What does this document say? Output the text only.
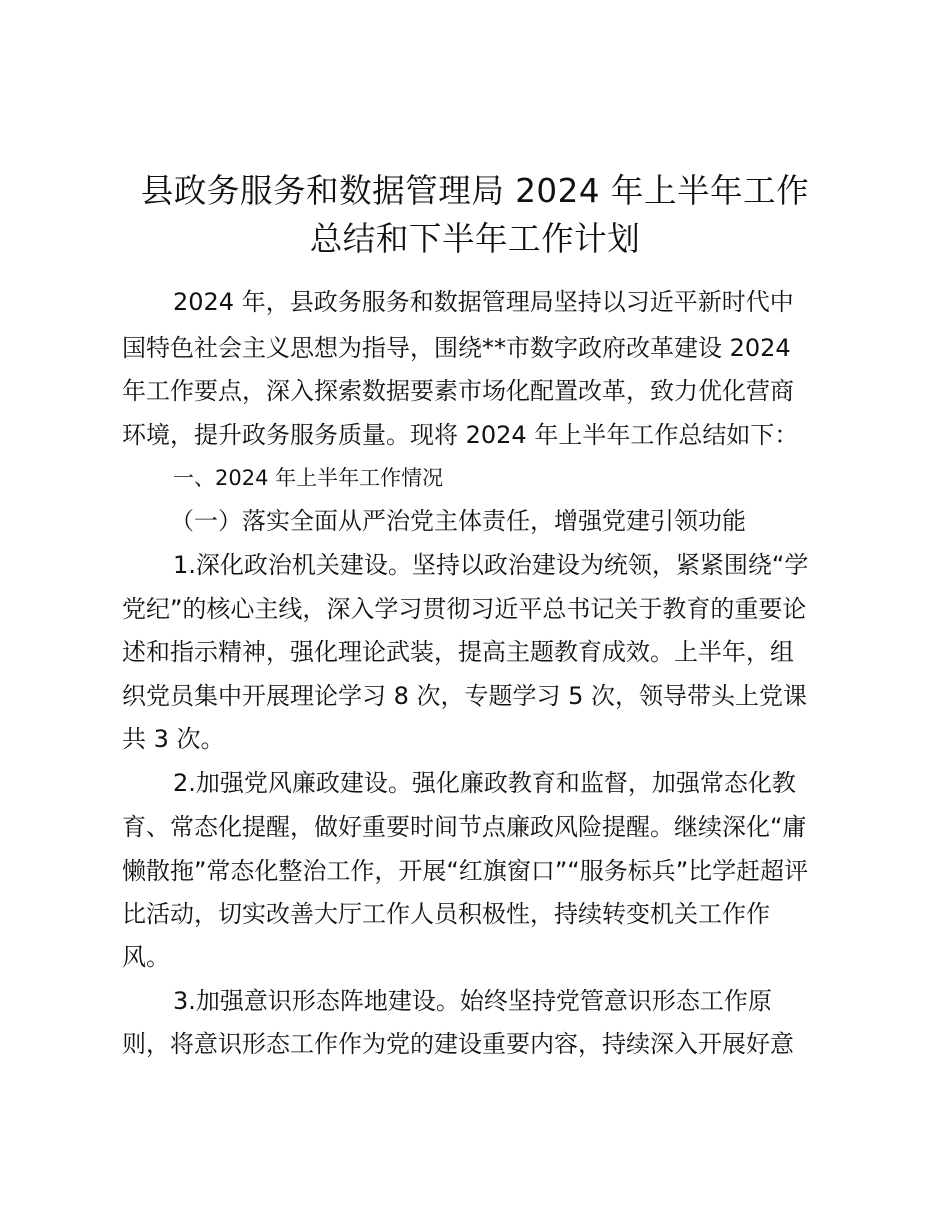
县政务服务和数据管理局 2024 年上半年工作
总结和下半年工作计划
2024 年，县政务服务和数据管理局坚持以习近平新时代中
国特色社会主义思想为指导，围绕**市数字政府改革建设 2024
年工作要点，深入探索数据要素市场化配置改革，致力优化营商
环境，提升政务服务质量。现将 2024 年上半年工作总结如下：
一、2024 年上半年工作情况
（一）落实全面从严治党主体责任，增强党建引领功能
1.深化政治机关建设。坚持以政治建设为统领，紧紧围绕“学
党纪”的核心主线，深入学习贯彻习近平总书记关于教育的重要论
述和指示精神，强化理论武装，提高主题教育成效。上半年，组
织党员集中开展理论学习 8 次，专题学习 5 次，领导带头上党课
共 3 次。
2.加强党风廉政建设。强化廉政教育和监督，加强常态化教
育、常态化提醒，做好重要时间节点廉政风险提醒。继续深化“庸
懒散拖”常态化整治工作，开展“红旗窗口”“服务标兵”比学赶超评
比活动，切实改善大厅工作人员积极性，持续转变机关工作作
风。
3.加强意识形态阵地建设。始终坚持党管意识形态工作原
则，将意识形态工作作为党的建设重要内容，持续深入开展好意
